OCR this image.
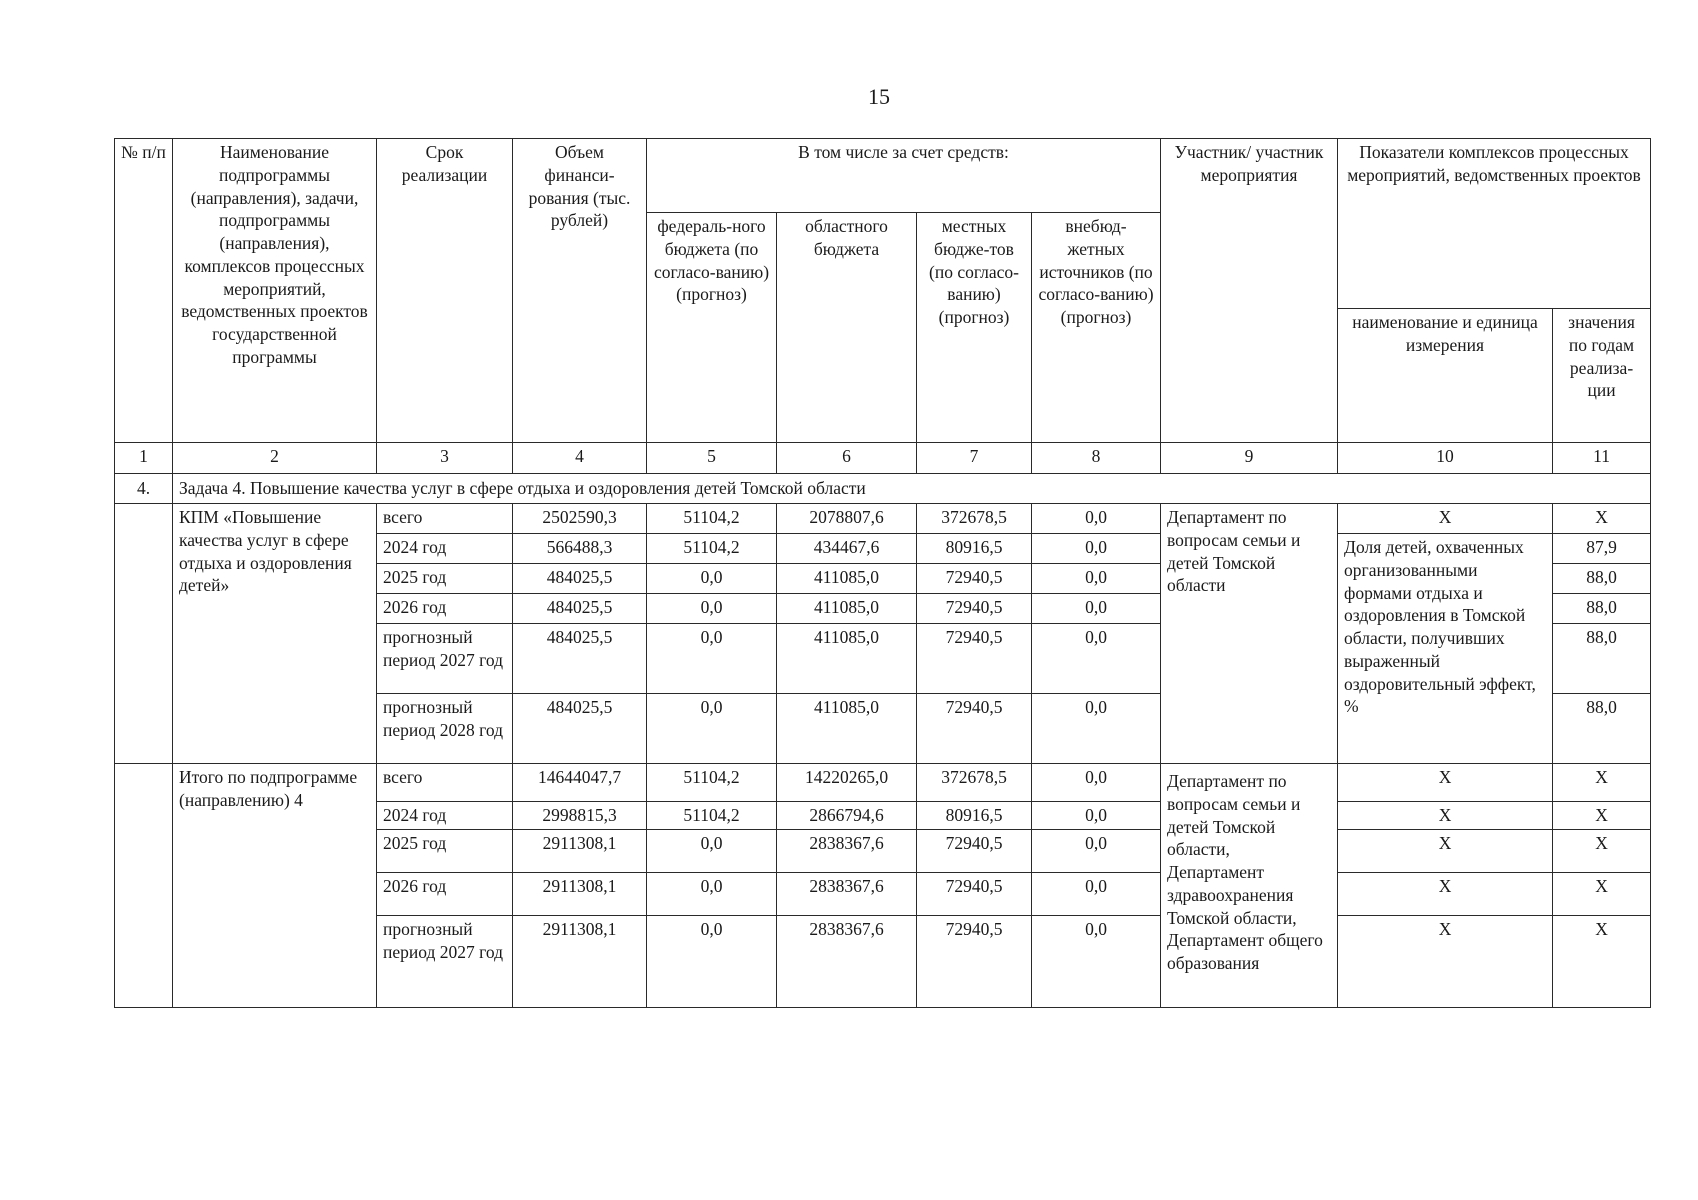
15
№ п/п	Наименование подпрограммы (направления), задачи, подпрограммы (направления), комплексов процессных мероприятий, ведомственных проектов государственной программы	Срок реализации	Объем финанси-рования (тыс. рублей)	В том числе за счет средств:				Участник/ участник мероприятия	Показатели комплексов процессных мероприятий, ведомственных проектов	
				федераль-ного бюджета (по согласо-ванию) (прогноз)	областного бюджета	местных бюдже-тов (по согласо-ванию) (прогноз)	внебюд-жетных источников (по согласо-ванию) (прогноз)			
									наименование и единица измерения	значения по годам реализа-ции
1	2	3	4	5	6	7	8	9	10	11
4.	Задача 4. Повышение качества услуг в сфере отдыха и оздоровления детей Томской области									
	КПМ «Повышение качества услуг в сфере отдыха и оздоровления детей»	всего	2502590,3	51104,2	2078807,6	372678,5	0,0	Департамент по вопросам семьи и детей Томской области	Х	Х
		2024 год	566488,3	51104,2	434467,6	80916,5	0,0		Доля детей, охваченных организованными формами отдыха и оздоровления в Томской области, получивших выраженный оздоровительный эффект, %	87,9
		2025 год	484025,5	0,0	411085,0	72940,5	0,0			88,0
		2026 год	484025,5	0,0	411085,0	72940,5	0,0			88,0
		прогнозный период 2027 год	484025,5	0,0	411085,0	72940,5	0,0			88,0
		прогнозный период 2028 год	484025,5	0,0	411085,0	72940,5	0,0			88,0
	Итого по подпрограмме (направлению) 4	всего	14644047,7	51104,2	14220265,0	372678,5	0,0	Департамент по вопросам семьи и детей Томской области, Департамент здравоохранения Томской области, Департамент общего образования	Х	Х
		2024 год	2998815,3	51104,2	2866794,6	80916,5	0,0		Х	Х
		2025 год	2911308,1	0,0	2838367,6	72940,5	0,0		Х	Х
		2026 год	2911308,1	0,0	2838367,6	72940,5	0,0		Х	Х
		прогнозный период 2027 год	2911308,1	0,0	2838367,6	72940,5	0,0		Х	Х
